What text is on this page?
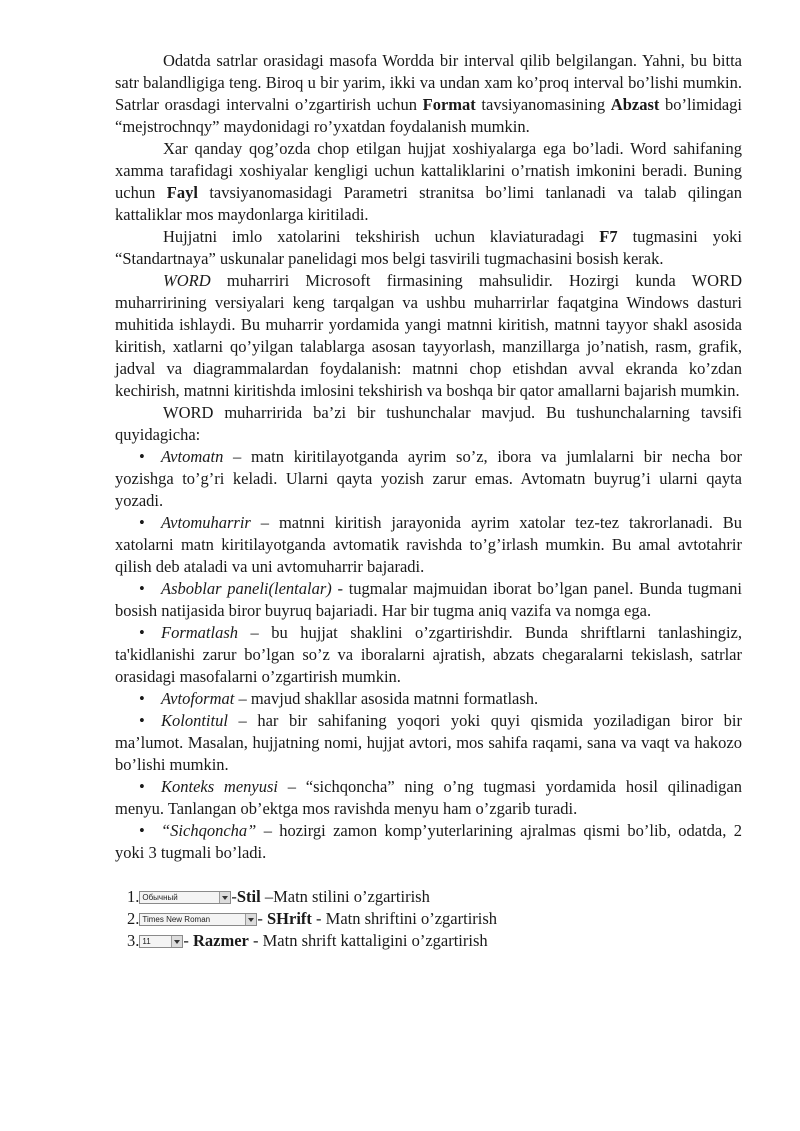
Odatda satrlar orasidagi masofa Wordda bir interval qilib belgilangan. Yahni, bu bitta satr balandligiga teng. Biroq u bir yarim, ikki va undan xam ko’proq interval bo’lishi mumkin. Satrlar orasdagi intervalni o’zgartirish uchun Format tavsiyanomasining Abzast bo’limidagi “mejstrochnqy” maydonidagi ro’yxatdan foydalanish mumkin.

Xar qanday qog’ozda chop etilgan hujjat xoshiyalarga ega bo’ladi. Word sahifaning xamma tarafidagi xoshiyalar kengligi uchun kattaliklarini o’rnatish imkonini beradi. Buning uchun Fayl tavsiyanomasidagi Parametri stranitsa bo’limi tanlanadi va talab qilingan kattaliklar mos maydonlarga kiritiladi.

Hujjatni imlo xatolarini tekshirish uchun klaviaturadagi F7 tugmasini yoki “Standartnaya” uskunalar panelidagi mos belgi tasvirili tugmachasini bosish kerak.

WORD muharriri Microsoft firmasining mahsulidir. Hozirgi kunda WORD muharririning versiyalari keng tarqalgan va ushbu muharrirlar faqatgina Windows dasturi muhitida ishlaydi. Bu muharrir yordamida yangi matnni kiritish, matnni tayyor shakl asosida kiritish, xatlarni qo’yilgan talablarga asosan tayyorlash, manzillarga jo’natish, rasm, grafik, jadval va diagrammalardan foydalanish: matnni chop etishdan avval ekranda ko’zdan kechirish, matnni kiritishda imlosini tekshirish va boshqa bir qator amallarni bajarish mumkin.

WORD muharririda ba’zi bir tushunchalar mavjud. Bu tushunchalarning tavsifi quyidagicha:

• Avtomatn – matn kiritilayotganda ayrim so’z, ibora va jumlalarni bir necha bor yozishga to’g’ri keladi. Ularni qayta yozish zarur emas. Avtomatn buyrug’i ularni qayta yozadi.

• Avtomuharrir – matnni kiritish jarayonida ayrim xatolar tez-tez takrorlanadi. Bu xatolarni matn kiritilayotganda avtomatik ravishda to’g’irlash mumkin. Bu amal avtotahrir qilish deb ataladi va uni avtomuharrir bajaradi.

• Asboblar paneli(lentalar) - tugmalar majmuidan iborat bo’lgan panel. Bunda tugmani bosish natijasida biror buyruq bajariadi. Har bir tugma aniq vazifa va nomga ega.

• Formatlash – bu hujjat shaklini o’zgartirishdir. Bunda shriftlarni tanlashingiz, ta'kidlanishi zarur bo’lgan so’z va iboralarni ajratish, abzats chegaralarni tekislash, satrlar orasidagi masofalarni o’zgartirish mumkin.

• Avtoformat – mavjud shakllar asosida matnni formatlash.

• Kolontitul – har bir sahifaning yoqori yoki quyi qismida yoziladigan biror bir ma’lumot. Masalan, hujjatning nomi, hujjat avtori, mos sahifa raqami, sana va vaqt va hakozo bo’lishi mumkin.

• Konteks menyusi – “sichqoncha” ning o’ng tugmasi yordamida hosil qilinadigan menyu. Tanlangan ob’ektga mos ravishda menyu ham o’zgarib turadi.

• “Sichqoncha” – hozirgi zamon komp’yuterlarining ajralmas qismi bo’lib, odatda, 2 yoki 3 tugmali bo’ladi.

1. Обычный	-Stil –Matn stilini o’zgartirish
2. Times New Roman	- SHrift - Matn shriftini o’zgartirish
3. 11 - Razmer - Matn shrift kattaligini o’zgartirish
